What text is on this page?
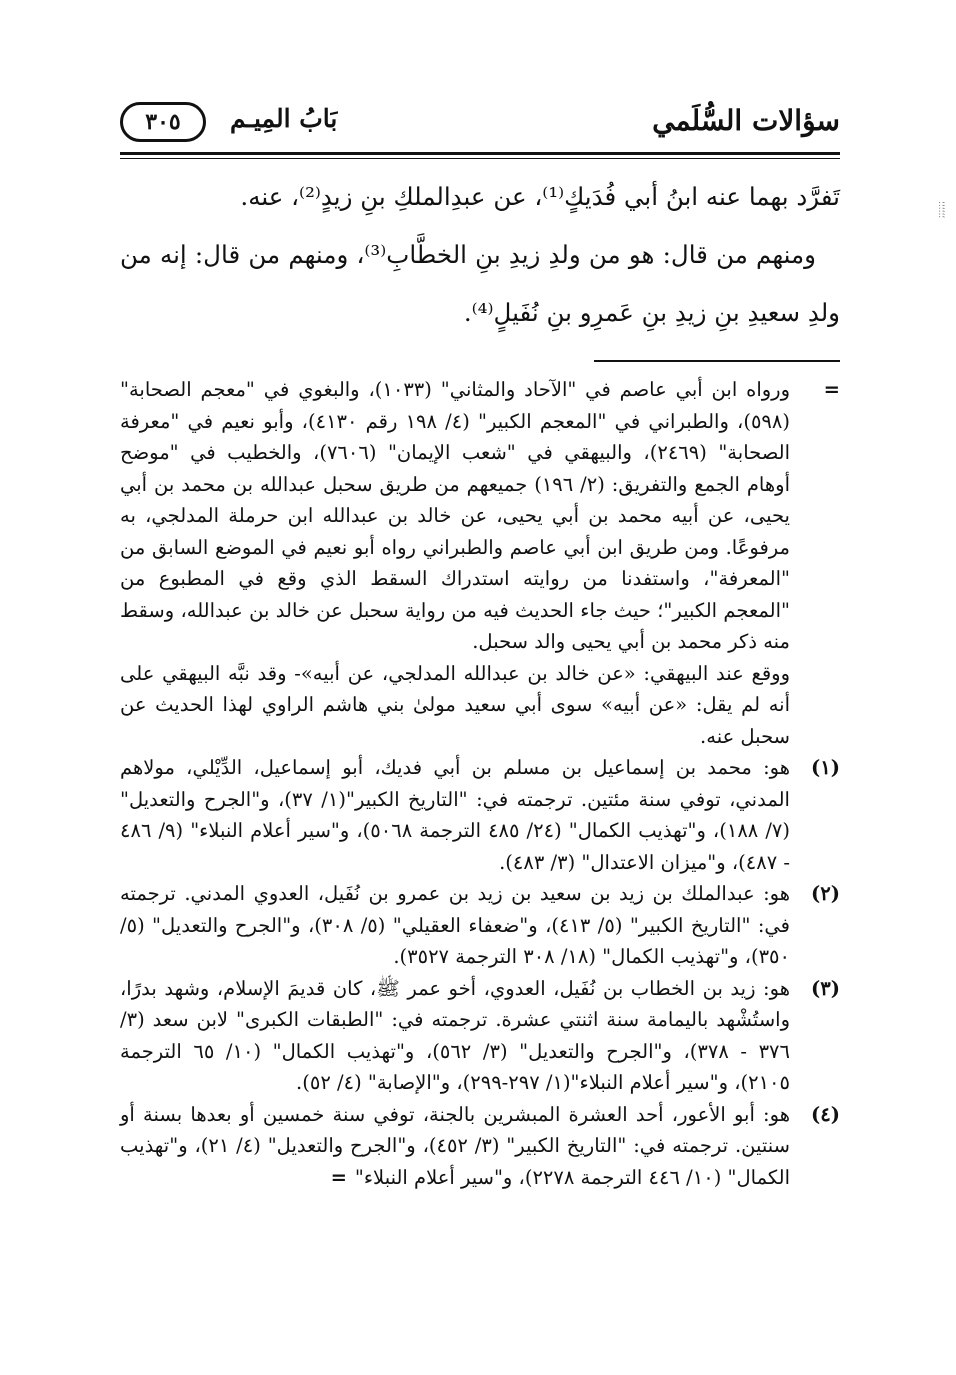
سؤالات السُّلَمي
بَابُ المِيـم
٣٠٥
؛؛؛؛؛؛

تَفرَّد بهما عنه ابنُ أبي فُدَيكٍ⁽¹⁾، عن عبدِالملكِ بنِ زيدٍ⁽²⁾، عنه.

ومنهم من قال: هو من ولدِ زيدِ بنِ الخطَّابِ⁽³⁾، ومنهم من قال: إنه من ولدِ سعيدِ بنِ زيدِ بنِ عَمرِو بنِ نُفَيلٍ⁽⁴⁾.

=

ورواه ابن أبي عاصم في "الآحاد والمثاني" (١٠٣٣)، والبغوي في "معجم الصحابة" (٥٩٨)، والطبراني في "المعجم الكبير" (٤/ ١٩٨ رقم ٤١٣٠)، وأبو نعيم في "معرفة الصحابة" (٢٤٦٩)، والبيهقي في "شعب الإيمان" (٧٦٠٦)، والخطيب في "موضح أوهام الجمع والتفريق: (٢/ ١٩٦) جميعهم من طريق سحبل عبدالله بن محمد بن أبي يحيى، عن أبيه محمد بن أبي يحيى، عن خالد بن عبدالله ابن حرملة المدلجي، به مرفوعًا. ومن طريق ابن أبي عاصم والطبراني رواه أبو نعيم في الموضع السابق من "المعرفة"، واستفدنا من روايته استدراك السقط الذي وقع في المطبوع من "المعجم الكبير"؛ حيث جاء الحديث فيه من رواية سحبل عن خالد بن عبدالله، وسقط منه ذكر محمد بن أبي يحيى والد سحبل.

ووقع عند البيهقي: «عن خالد بن عبدالله المدلجي، عن أبيه»- وقد نبَّه البيهقي على أنه لم يقل: «عن أبيه» سوى أبي سعيد مولىٰ بني هاشم الراوي لهذا الحديث عن سحبل عنه.

(١)
هو: محمد بن إسماعيل بن مسلم بن أبي فديك، أبو إسماعيل، الدِّيْلي، مولاهم المدني، توفي سنة مئتين. ترجمته في: "التاريخ الكبير"(١/ ٣٧)، و"الجرح والتعديل" (٧/ ١٨٨)، و"تهذيب الكمال" (٢٤/ ٤٨٥ الترجمة ٥٠٦٨)، و"سير أعلام النبلاء" (٩/ ٤٨٦ - ٤٨٧)، و"ميزان الاعتدال" (٣/ ٤٨٣).
(٢)
هو: عبدالملك بن زيد بن سعيد بن زيد بن عمرو بن نُفَيل، العدوي المدني. ترجمته في: "التاريخ الكبير" (٥/ ٤١٣)، و"ضعفاء العقيلي" (٥/ ٣٠٨)، و"الجرح والتعديل" (٥/ ٣٥٠)، و"تهذيب الكمال" (١٨/ ٣٠٨ الترجمة ٣٥٢٧).
(٣)
هو: زيد بن الخطاب بن نُفَيل، العدوي، أخو عمر ﷺ، كان قديمَ الإسلام، وشهد بدرًا، واستُشْهد باليمامة سنة اثنتي عشرة. ترجمته في: "الطبقات الكبرى" لابن سعد (٣/ ٣٧٦ - ٣٧٨)، و"الجرح والتعديل" (٣/ ٥٦٢)، و"تهذيب الكمال" (١٠/ ٦٥ الترجمة ٢١٠٥)، و"سير أعلام النبلاء"(١/ ٢٩٧-٢٩٩)، و"الإصابة" (٤/ ٥٢).
(٤)
هو: أبو الأعور، أحد العشرة المبشرين بالجنة، توفي سنة خمسين أو بعدها بسنة أو سنتين. ترجمته في: "التاريخ الكبير" (٣/ ٤٥٢)، و"الجرح والتعديل" (٤/ ٢١)، و"تهذيب الكمال" (١٠/ ٤٤٦ الترجمة ٢٢٧٨)، و"سير أعلام النبلاء"=
